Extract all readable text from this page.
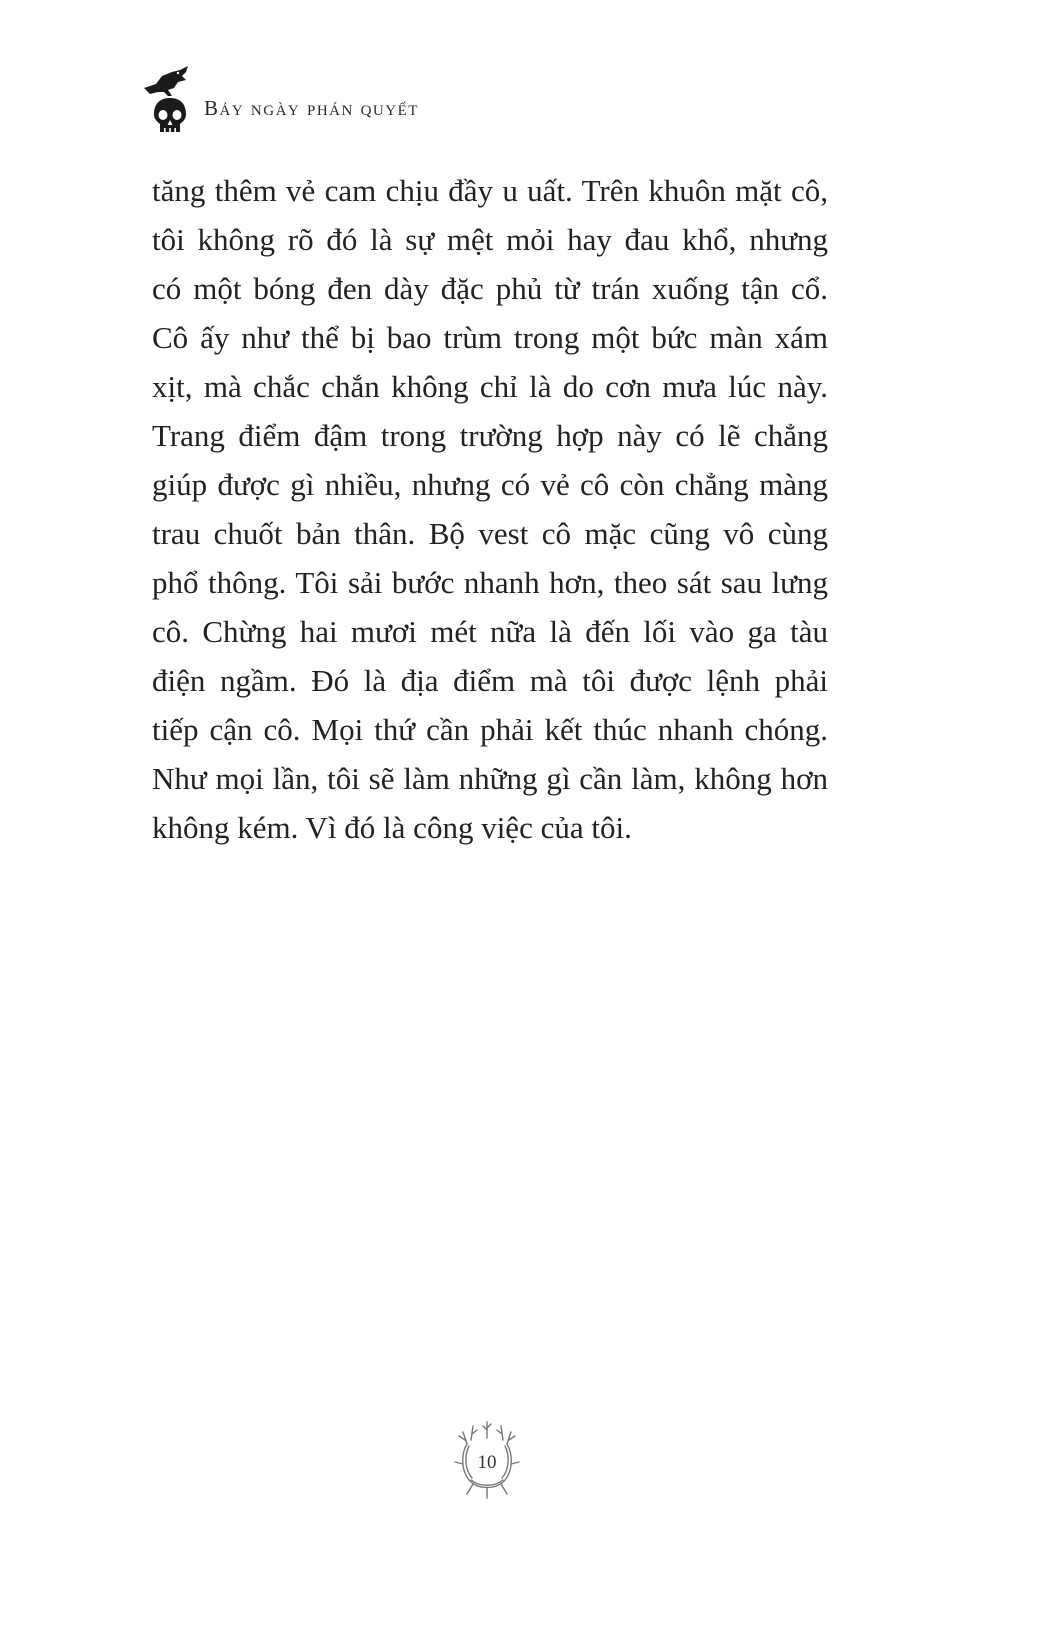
Bảy ngày phán quyết
tăng thêm vẻ cam chịu đầy u uất. Trên khuôn mặt cô,
tôi không rõ đó là sự mệt mỏi hay đau khổ, nhưng
có một bóng đen dày đặc phủ từ trán xuống tận cổ.
Cô ấy như thể bị bao trùm trong một bức màn xám
xịt, mà chắc chắn không chỉ là do cơn mưa lúc này.
Trang điểm đậm trong trường hợp này có lẽ chẳng
giúp được gì nhiều, nhưng có vẻ cô còn chẳng màng
trau chuốt bản thân. Bộ vest cô mặc cũng vô cùng
phổ thông. Tôi sải bước nhanh hơn, theo sát sau lưng
cô. Chừng hai mươi mét nữa là đến lối vào ga tàu
điện ngầm. Đó là địa điểm mà tôi được lệnh phải
tiếp cận cô. Mọi thứ cần phải kết thúc nhanh chóng.
Như mọi lần, tôi sẽ làm những gì cần làm, không hơn
không kém. Vì đó là công việc của tôi.
10
